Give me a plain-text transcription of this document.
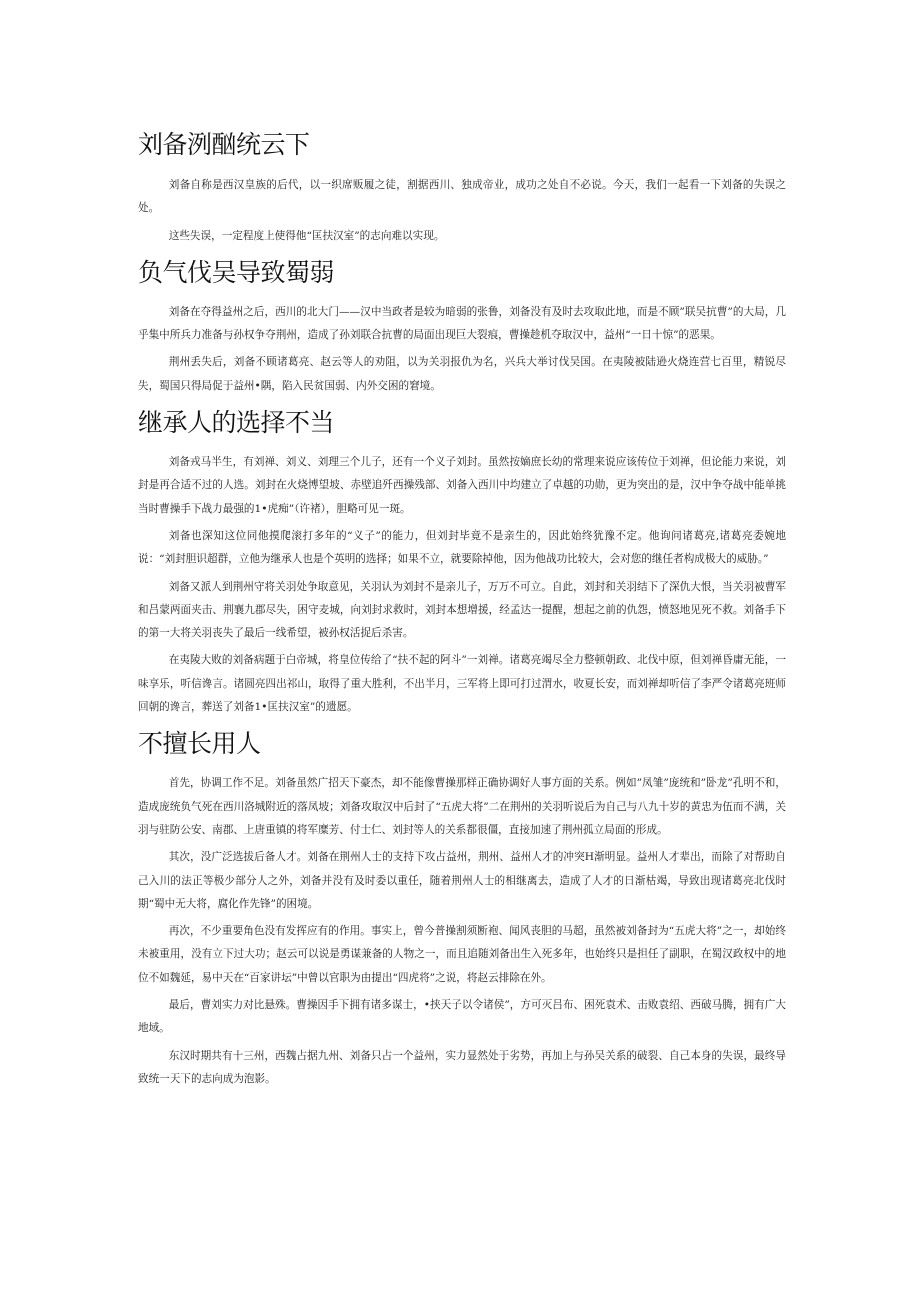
刘备洌酗统云下

刘备自称是西汉皇族的后代，以一织席贩履之徒，割据西川、独成帝业，成功之处自不必说。今天，我们一起看一下刘备的失误之处。

这些失误，一定程度上使得他“匡扶汉室”的志向难以实现。

负气伐吴导致蜀弱

刘备在夺得益州之后，西川的北大门——汉中当政者是较为暗弱的张鲁，刘备没有及时去攻取此地，而是不顾”联吴抗曹”的大局，几乎集中所兵力准备与孙权争夺荆州，造成了孙刘联合抗曹的局面出现巨大裂痕，曹操趁机夺取汉中，益州“一日十惊”的恶果。

荆州丢失后，刘备不顾诸葛亮、赵云等人的劝阻，以为关羽报仇为名，兴兵大举讨伐吴国。在夷陵被陆逊火烧连营七百里，精锐尽失，蜀国只得局促于益州•隅，陷入民贫国弱、内外交困的窘境。

继承人的选择不当

刘备戎马半生，有刘禅、刘义、刘理三个儿子，还有一个义子刘封。虽然按嫡庶长幼的常理来说应该传位于刘禅，但论能力来说，刘封是再合适不过的人选。刘封在火烧博望坡、赤壁追歼西操残部、刘备入西川中均建立了卓越的功勋，更为突出的是，汉中争夺战中能单挑当时曹操手下战力最强的1•虎痴”（许褚），胆略可见一斑。

刘备也深知这位同他摸爬滚打多年的“义子”的能力，但刘封毕竟不是亲生的，因此始终犹豫不定。他询问诸葛亮,诸葛亮委婉地说：“刘封胆识超群，立他为继承人也是个英明的选择；如果不立，就要除掉他，因为他战功比较大，会对您的继任者构成极大的威胁。”

刘备又派人到荆州守将关羽处争取意见，关羽认为刘封不是亲儿子，万万不可立。自此，刘封和关羽结下了深仇大恨，当关羽被曹军和吕蒙两面夹击、荆襄九郡尽失，困守麦城，向刘封求救时，刘封本想增援，经孟达一提醒，想起之前的仇怨，愤怒地见死不救。刘备手下的第一大将关羽丧失了最后一线希望，被孙权活捉后杀害。

在夷陵大败的刘备病题于白帝城，将皇位传给了“扶不起的阿斗”一刘禅。诸葛亮竭尽全力整顿朝政、北伐中原，但刘禅昏庸无能，一味享乐，听信谗言。诸圆亮四出祁山，取得了重大胜利，不出半月，三军将上即可打过渭水，收夏长安，而刘禅却听信了李严令诸葛亮班师回朝的谗言，葬送了刘备1•匡扶汉室”的遗愿。

不擅长用人

首先，协调工作不足。刘备虽然广招天下豪杰，却不能像曹操那样正确协调好人事方面的关系。例如”凤雏”庞统和”卧龙”孔明不和，造成庞统负气死在西川洛城附近的落凤坡；刘备攻取汉中后封了“五虎大将”二在荆州的关羽听说后为自己与八九十岁的黄忠为伍而不满，关羽与驻防公安、南郡、上唐重镇的将军糜芳、付士仁、刘封等人的关系都很僵，直接加速了荆州孤立局面的形成。

其次，没广泛选拔后备人才。刘备在荆州人士的支持下攻占益州，荆州、益州人才的冲突H渐明显。益州人才辈出，而除了对帮助自己入川的法正等极少部分人之外，刘备并没有及时委以重任，随着荆州人士的相继离去，造成了人才的日渐枯竭，导致出现诸葛亮北伐时期“蜀中无大将，腐化作先锋”的困境。

再次，不少重要角色没有发挥应有的作用。事实上，曾今普操割须断袍、闻风丧胆的马超，虽然被刘备封为“五虎大将”之一，却始终未被重用，没有立下过大功；赵云可以说是勇谋兼备的人物之一，而且追随刘备出生入死多年，也始终只是担任了副职，在蜀汉政权中的地位不如魏延，易中天在“百家讲坛”中曾以官职为由提出“四虎将”之说，将赵云排除在外。

最后，曹刘实力对比悬殊。曹操因手下拥有诸多谋士，•挟天子以令诸侯”，方可灭吕布、困死袁术、击败袁绍、西破马腾，拥有广大地域。

东汉时期共有十三州，西魏占据九州、刘备只占一个益州，实力显然处于劣势，再加上与孙吴关系的破裂、自己本身的失误，最终导致统一天下的志向成为泡影。
